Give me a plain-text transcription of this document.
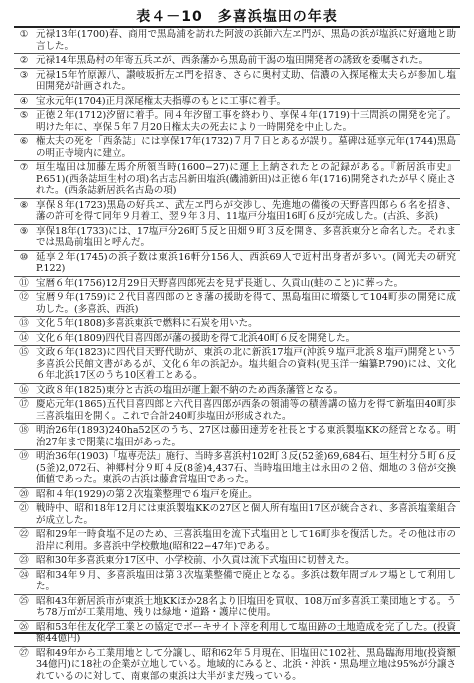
表４－10　多喜浜塩田の年表
① 元禄13年(1700)春、商用で黒島浦を訪れた阿波の浜師六左ヱ門が、黒島の浜が塩浜に好適地と助言した。
② 元禄14年黒島村の年寄五兵ヱが、西条藩から黒島前干潟の塩田開発者の誘致を委嘱された。
③ 元禄15年竹原源八、讃岐坂折左ヱ門を招き、さらに奥村丈助、信濃の入探尾権太夫らが参加し塩田開発が計画された。
④ 宝永元年(1704)正月深尾権太夫指導のもとに工事に着手。
⑤ 正徳２年(1712)汐留に着手。同４年汐留工事を終わり、享保４年(1719)十三問浜の開発を完了。明けた年に、享保５年７月20日権太夫の死去により一時開発を中止した。
⑥ 権太夫の死を「西条誌」には享保17年(1732)７月７日とあるが誤り。墓碑は延享元年(1744)黒島の明正寺境内に建立。
⑦ 垣生塩田は加藤左馬介所領当時(1600−27)に運上上納されたとの記録がある。『新居浜市史』P.651)(西条誌垣生村の項)名古志呂新田塩浜(磯浦新田)は正徳６年(1716)開発されたが早く廃止された。(西条誌新居浜名古島の項)
⑧ 享保８年(1723)黒島の好兵ヱ、武左ヱ門らが交渉し、先進地の備後の天野喜四郎ら６名を招き、藩の許可を得て同年９月着工、翌９年３月、11塩戸分塩田16町６反が完成した。(古浜、多浜)
⑨ 享保18年(1733)には、17塩戸分26町５反と田畑９町３反を開き、多喜浜東分と命名した。それまでは黒島前塩田と呼んだ。
⑩ 延享２年(1745)の浜子数は東浜16軒分156人、西浜69人で近村出身者が多い。(岡光夫の研究P.122)
⑪ 宝暦６年(1756)12月29日天野喜四郎死去を見ず長逝し、久貢山(蛙のこと)に葬った。
⑫ 宝暦９年(1759)に２代目喜四郎のとき藩の援助を得て、黒島塩田に増築して104町歩の開発に成功した。(多喜浜、西浜)
⑬ 文化５年(1808)多喜浜東浜で燃料に石炭を用いた。
⑭ 文化６年(1809)四代目喜四郎が藩の援助を得て北浜40町６反を開発した。
⑮ 文政６年(1823)に四代目天野代助が、東浜の北に新浜17塩戸(沖浜９塩戸北浜８塩戸)開発という多喜浜公民館文書があるが、文化６年の浜記か。塩共組合の資料(児玉洋一編纂P.790)には、文化６年北浜17区のうち10区着工とある。
⑯ 文政８年(1825)東分と古浜の塩田が運上銀不納のため西条藩管となる。
⑰ 慶応元年(1865)五代目喜四郎と六代目喜四郎が西条の領浦等の積善講の協力を得て新塩田40町歩三喜浜塩田を開く。これで合計240町歩塩田が形成された。
⑱ 明治26年(1893)240ha52区のうち、27区は藤田達芳を社長とする東浜製塩KKの経営となる。明治27年まで閉業に塩田があった。
⑲ 明治36年(1903)「塩専売法」施行、当時多喜浜村102町３反(52釜)69,684石、垣生村分５町６反(5釜)2,072石、神郷村分９町４反(8釜)4,437石、当時塩田地主は永田の２倍、畑地の３倍が交換価値であった。東浜の古浜は藤倉営塩田であった。
⑳ 昭和４年(1929)の第２次塩業整理で６塩戸を廃止。
㉑ 戦時中、昭和18年12月には東浜製塩KKの27区と個人所有塩田17区が統合され、多喜浜塩業組合が成立した。
㉒ 昭和29年一時食塩不足のため、三喜浜塩田を流下式塩田として16町歩を復活した。その他は市の沿岸に利用。多喜浜中学校敷地(昭和22−47年)である。
㉓ 昭和30年多喜浜東分17区中、小学校前、小久貢は流下式塩田に切替えた。
㉔ 昭和34年９月、多喜浜塩田は第３次塩業整備で廃止となる。多浜は数年間ゴルフ場として利用した。
㉕ 昭和43年新居浜市が東浜土地KKほか28名より旧塩田を買収、108万㎡多喜浜工業団地とする。うち78万㎡が工業用地、残りは緑地・道路・護岸に使用。
㉖ 昭和53年住友化学工業との協定でボーキサイト滓を利用して塩田跡の土地造成を完了した。(投資額44億円)
㉗ 昭和49年から工業用地として分譲し、昭和62年５月現在、旧塩田に102社、黒島臨海用地(投資額34億円)に18社の企業が立地している。地域的にみると、北浜・沖浜・黒島埋立地は95%が分譲されているのに対して、南東部の東浜は大半がまだ残っている。
